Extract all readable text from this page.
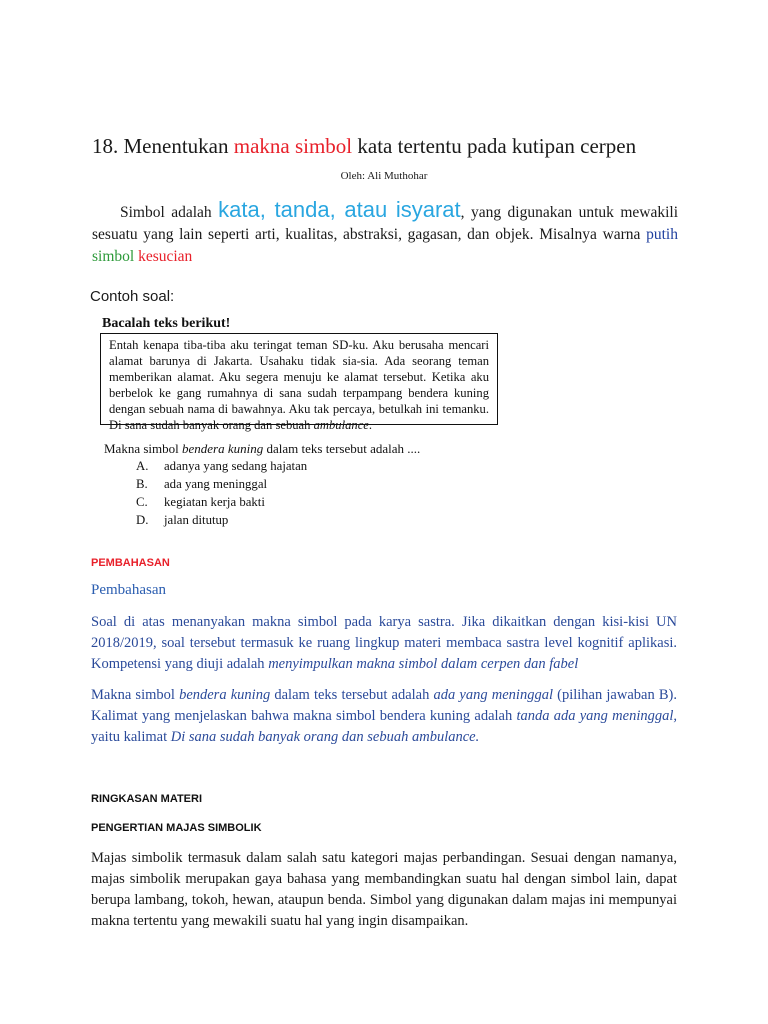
18. Menentukan makna simbol kata tertentu pada kutipan cerpen
Oleh: Ali Muthohar
Simbol adalah kata, tanda, atau isyarat, yang digunakan untuk mewakili sesuatu yang lain seperti arti, kualitas, abstraksi, gagasan, dan objek. Misalnya warna putih simbol kesucian
Contoh soal:
Bacalah teks berikut!
Entah kenapa tiba-tiba aku teringat teman SD-ku. Aku berusaha mencari alamat barunya di Jakarta. Usahaku tidak sia-sia. Ada seorang teman memberikan alamat. Aku segera menuju ke alamat tersebut. Ketika aku berbelok ke gang rumahnya di sana sudah terpampang bendera kuning dengan sebuah nama di bawahnya. Aku tak percaya, betulkah ini temanku. Di sana sudah banyak orang dan sebuah ambulance.
Makna simbol bendera kuning dalam teks tersebut adalah ....
A. adanya yang sedang hajatan
B. ada yang meninggal
C. kegiatan kerja bakti
D. jalan ditutup
PEMBAHASAN
Pembahasan
Soal di atas menanyakan makna simbol pada karya sastra. Jika dikaitkan dengan kisi-kisi UN 2018/2019, soal tersebut termasuk ke ruang lingkup materi membaca sastra level kognitif aplikasi. Kompetensi yang diuji adalah menyimpulkan makna simbol dalam cerpen dan fabel
Makna simbol bendera kuning dalam teks tersebut adalah ada yang meninggal (pilihan jawaban B). Kalimat yang menjelaskan bahwa makna simbol bendera kuning adalah tanda ada yang meninggal, yaitu kalimat Di sana sudah banyak orang dan sebuah ambulance.
RINGKASAN MATERI
PENGERTIAN MAJAS SIMBOLIK
Majas simbolik termasuk dalam salah satu kategori majas perbandingan. Sesuai dengan namanya, majas simbolik merupakan gaya bahasa yang membandingkan suatu hal dengan simbol lain, dapat berupa lambang, tokoh, hewan, ataupun benda. Simbol yang digunakan dalam majas ini mempunyai makna tertentu yang mewakili suatu hal yang ingin disampaikan.
